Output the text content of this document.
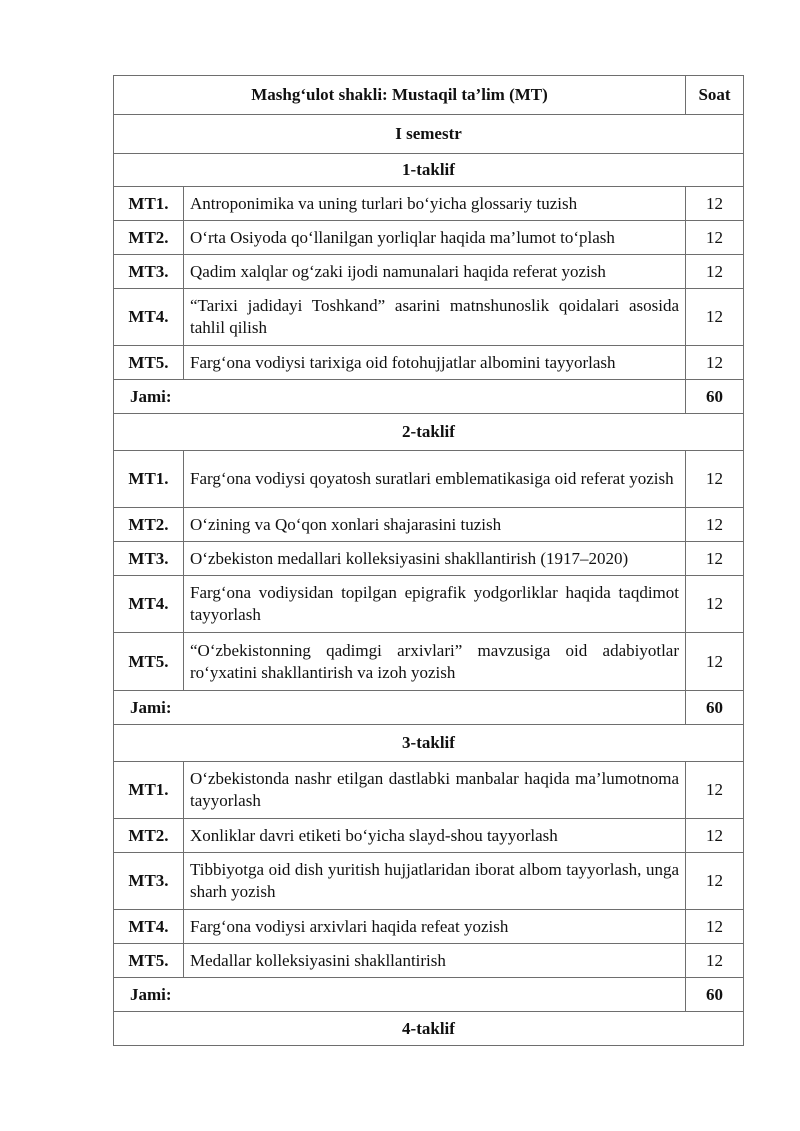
Mashg‘ulot shakli: Mustaqil ta’lim (MT)		Soat
I semestr		
1-taklif		
MT1.	Antroponimika va uning turlari bo‘yicha glossariy tuzish	12
MT2.	O‘rta Osiyoda qo‘llanilgan yorliqlar haqida ma’lumot to‘plash	12
MT3.	Qadim xalqlar og‘zaki ijodi namunalari haqida referat yozish	12
MT4.	“Tarixi jadidayi Toshkand” asarini matnshunoslik qoidalari asosida tahlil qilish	12
MT5.	Farg‘ona vodiysi tarixiga oid fotohujjatlar albomini tayyorlash	12
Jami:		60
2-taklif		
MT1.	Farg‘ona vodiysi qoyatosh suratlari emblematikasiga oid referat yozish	12
MT2.	O‘zining va Qo‘qon xonlari shajarasini tuzish	12
MT3.	O‘zbekiston medallari kolleksiyasini shakllantirish (1917–2020)	12
MT4.	Farg‘ona vodiysidan topilgan epigrafik yodgorliklar haqida taqdimot tayyorlash	12
MT5.	“O‘zbekistonning qadimgi arxivlari” mavzusiga oid adabiyotlar ro‘yxatini shakllantirish va izoh yozish	12
Jami:		60
3-taklif		
MT1.	O‘zbekistonda nashr etilgan dastlabki manbalar haqida ma’lumotnoma tayyorlash	12
MT2.	Xonliklar davri etiketi bo‘yicha slayd-shou tayyorlash	12
MT3.	Tibbiyotga oid dish yuritish hujjatlaridan iborat albom tayyorlash, unga sharh yozish	12
MT4.	Farg‘ona vodiysi arxivlari haqida refeat yozish	12
MT5.	Medallar kolleksiyasini shakllantirish	12
Jami:		60
4-taklif		
